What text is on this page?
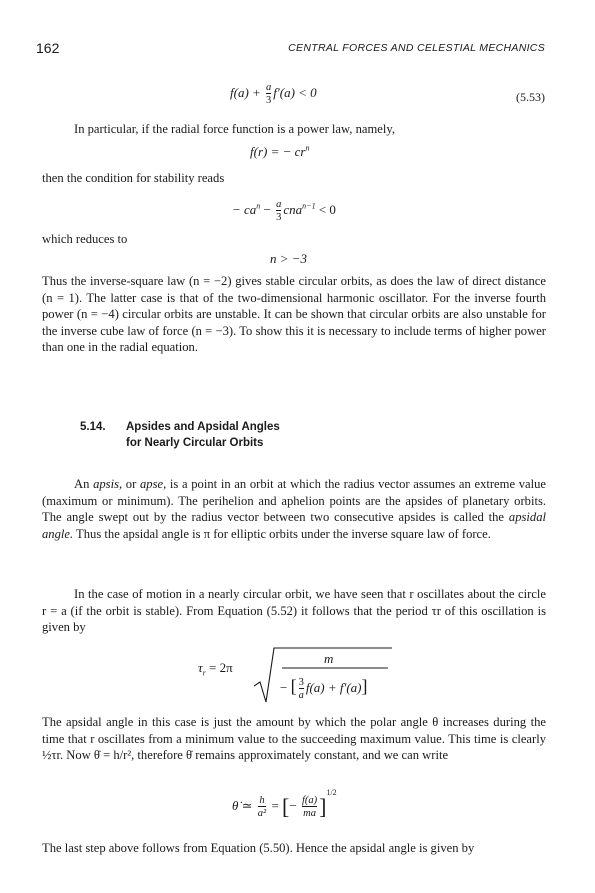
162	CENTRAL FORCES AND CELESTIAL MECHANICS
$f(a) + \frac{a}{3} f'(a) < 0$	(5.53)

In particular, if the radial force function is a power law, namely,

f(r) = − $cr^n$

then the condition for stability reads

− $ca^n - \frac{a}{3} cna^{n-1} < 0$

which reduces to

n > −3

Thus the inverse-square law (n = −2) gives stable circular orbits, as does the law of direct distance (n = 1). The latter case is that of the two-dimensional harmonic oscillator. For the inverse fourth power (n = −4) circular orbits are unstable. It can be shown that circular orbits are also unstable for the inverse cube law of force (n = −3). To show this it is necessary to include terms of higher power than one in the radial equation.

5.14. Apsides and Apsidal Angles
for Nearly Circular Orbits

An apsis, or apse, is a point in an orbit at which the radius vector assumes an extreme value (maximum or minimum). The perihelion and aphelion points are the apsides of planetary orbits. The angle swept out by the radius vector between two consecutive apsides is called the apsidal angle. Thus the apsidal angle is π for elliptic orbits under the inverse square law of force.

In the case of motion in a nearly circular orbit, we have seen that r oscillates about the circle r = a (if the orbit is stable). From Equation (5.52) it follows that the period τr of this oscillation is given by

$\tau_r = 2\pi$
m
− [ $\frac{3}{a} f(a) + f'(a)$]

The apsidal angle in this case is just the amount by which the polar angle θ increases during the time that r oscillates from a minimum value to the succeeding maximum value. This time is clearly ½τr. Now θ̇ = h/r², therefore θ̇ remains approximately constant, and we can write

θ̇ ≃ $\frac{h}{\text{a²}}$ = [− $\frac{f(a)}{ma} ]^{1/2}$

The last step above follows from Equation (5.50). Hence the apsidal angle is given by
